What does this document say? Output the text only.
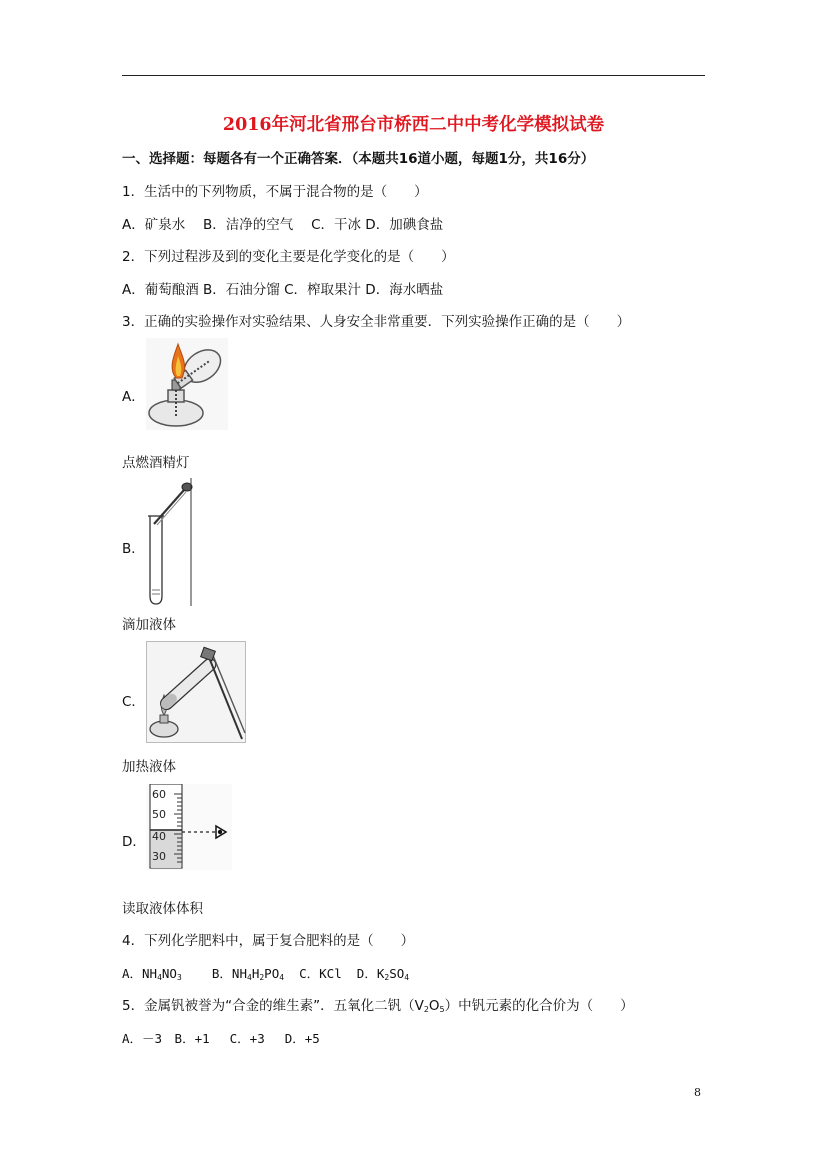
2016年河北省邢台市桥西二中中考化学模拟试卷
一、选择题：每题各有一个正确答案．（本题共16道小题，每题1分，共16分）
1．生活中的下列物质，不属于混合物的是（　　）
A．矿泉水　 B．洁净的空气　 C．干冰 D．加碘食盐
2．下列过程涉及到的变化主要是化学变化的是（　　）
A．葡萄酿酒 B．石油分馏 C．榨取果汁 D．海水晒盐
3．正确的实验操作对实验结果、人身安全非常重要．下列实验操作正确的是（　　）
A．
点燃酒精灯
B．
滴加液体
C．
加热液体
D．
60
50
40
30
读取液体体积
4．下列化学肥料中，属于复合肥料的是（　　）
A．$NH_4NO_3$ B．$NH_4H_2PO_4$ C．KCl D．$K_2SO_4$
5．金属钒被誉为“合金的维生素”．五氧化二钒$(V_2O_5)$中钒元素的化合价为（　　）
A．－3　B．+1　 C．+3　 D．+5
8
